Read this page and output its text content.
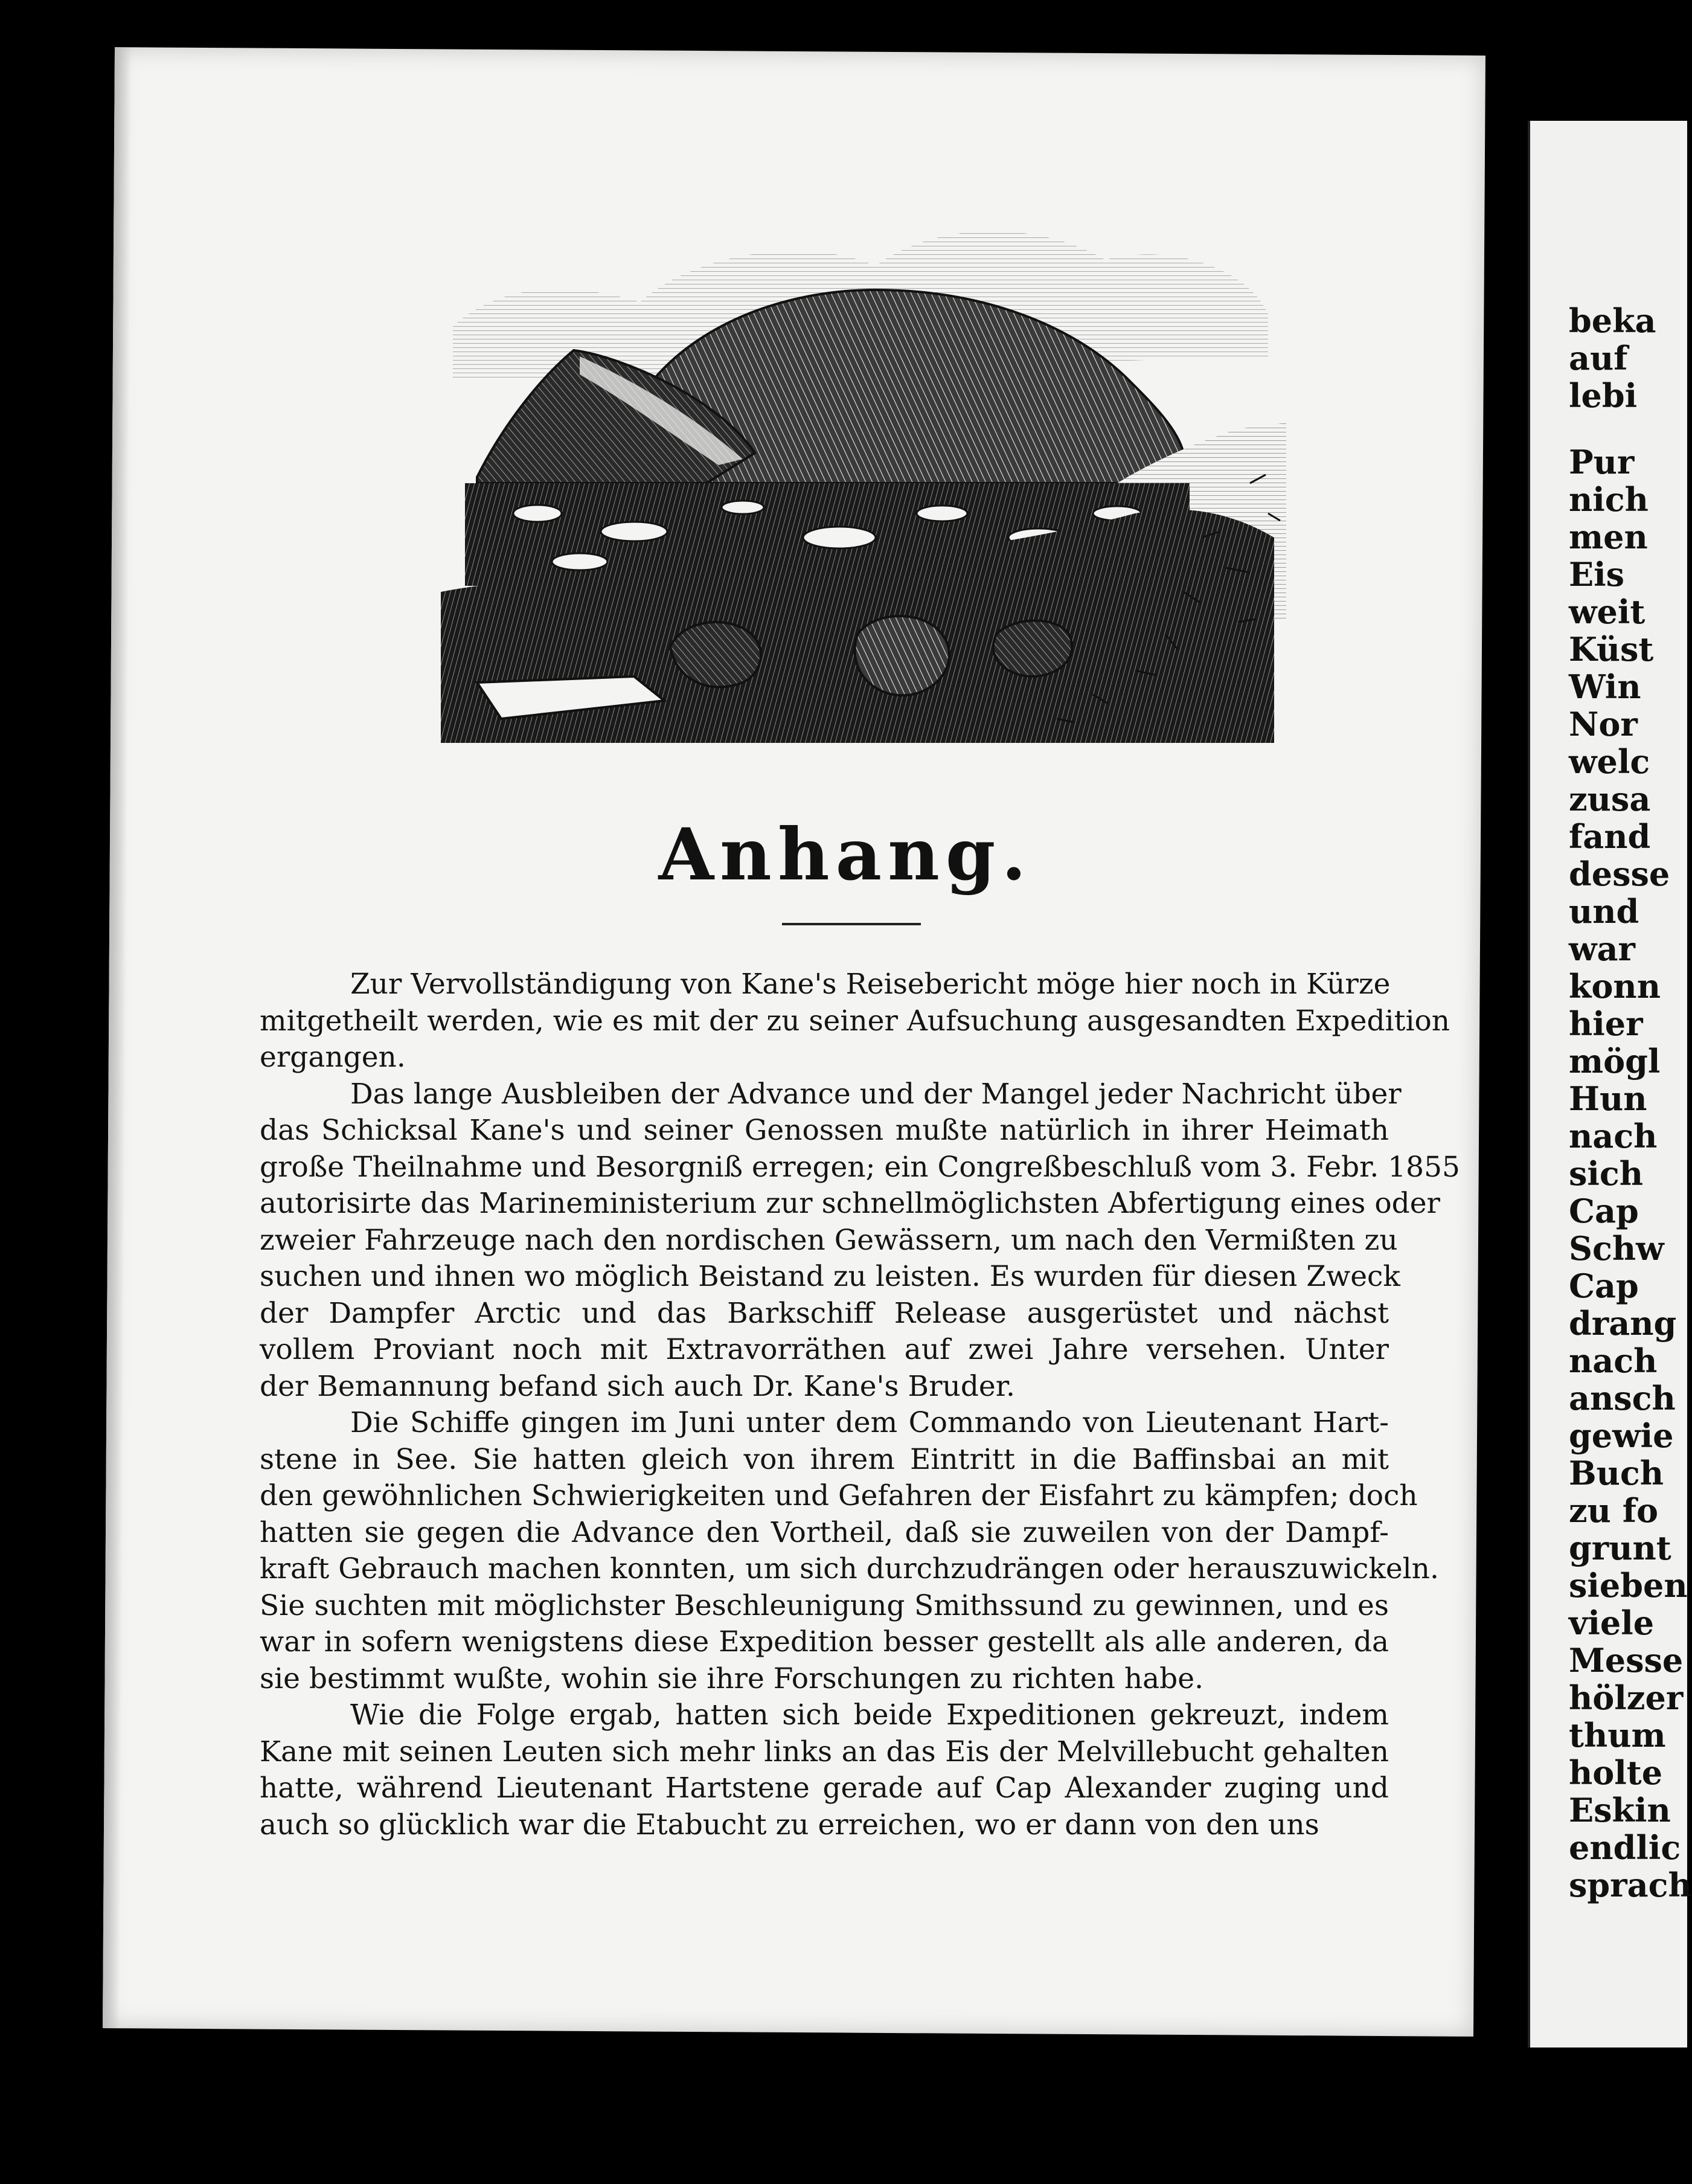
beka
auf
lebi
Pur
nich
men
Eis
weit
Küst
Win
Nor
welc
zusa
fand
desse
und
war
konn
hier
mögl
Hun
nach
sich
Cap
Schw
Cap
drang
nach
ansch
gewie
Buch
zu fo
grunt
sieben
viele
Messe
hölzer
thum
holte
Eskin
endlic
sprach
Anhang.
Zur Vervollständigung von Kane's Reisebericht möge hier noch in Kürze
mitgetheilt werden, wie es mit der zu seiner Aufsuchung ausgesandten Expedition
ergangen.
Das lange Ausbleiben der Advance und der Mangel jeder Nachricht über
das Schicksal Kane's und seiner Genossen mußte natürlich in ihrer Heimath
große Theilnahme und Besorgniß erregen; ein Congreßbeschluß vom 3. Febr. 1855
autorisirte das Marineministerium zur schnellmöglichsten Abfertigung eines oder
zweier Fahrzeuge nach den nordischen Gewässern, um nach den Vermißten zu
suchen und ihnen wo möglich Beistand zu leisten. Es wurden für diesen Zweck
der Dampfer Arctic und das Barkschiff Release ausgerüstet und nächst
vollem Proviant noch mit Extravorräthen auf zwei Jahre versehen. Unter
der Bemannung befand sich auch Dr. Kane's Bruder.
Die Schiffe gingen im Juni unter dem Commando von Lieutenant Hart-
stene in See. Sie hatten gleich von ihrem Eintritt in die Baffinsbai an mit
den gewöhnlichen Schwierigkeiten und Gefahren der Eisfahrt zu kämpfen; doch
hatten sie gegen die Advance den Vortheil, daß sie zuweilen von der Dampf-
kraft Gebrauch machen konnten, um sich durchzudrängen oder herauszuwickeln.
Sie suchten mit möglichster Beschleunigung Smithssund zu gewinnen, und es
war in sofern wenigstens diese Expedition besser gestellt als alle anderen, da
sie bestimmt wußte, wohin sie ihre Forschungen zu richten habe.
Wie die Folge ergab, hatten sich beide Expeditionen gekreuzt, indem
Kane mit seinen Leuten sich mehr links an das Eis der Melvillebucht gehalten
hatte, während Lieutenant Hartstene gerade auf Cap Alexander zuging und
auch so glücklich war die Etabucht zu erreichen, wo er dann von den uns
